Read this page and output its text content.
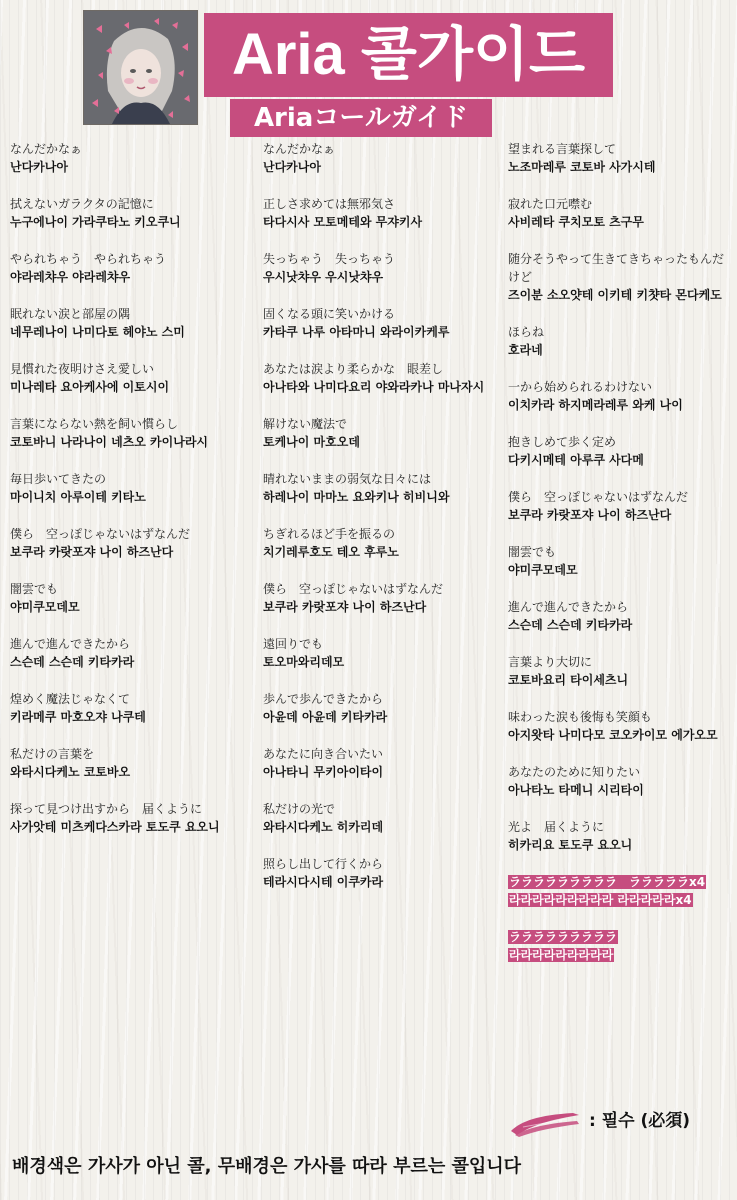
Aria 콜가이드
Ariaコールガイド
なんだかなぁ
난다카나아
拭えないガラクタの記憶に
누구에나이 가라쿠타노 키오쿠니
やられちゃう　やられちゃう
야라레챠우 야라레챠우
眠れない涙と部屋の隅
네무레나이 나미다토 헤야노 스미
見慣れた夜明けさえ愛しい
미나레타 요아케사에 이토시이
言葉にならない熱を飼い慣らし
코토바니 나라나이 네츠오 카이나라시
毎日歩いてきたの
마이니치 아루이테 키타노
僕ら　空っぽじゃないはずなんだ
보쿠라 카랏포쟈 나이 하즈난다
闇雲でも
야미쿠모데모
進んで進んできたから
스슨데 스슨데 키타카라
煌めく魔法じゃなくて
키라메쿠 마호오쟈 나쿠테
私だけの言葉を
와타시다케노 코토바오
探って見つけ出すから　届くように
사가앗테 미츠케다스카라 토도쿠 요오니
なんだかなぁ
난다카나아
正しさ求めては無邪気さ
타다시사 모토메테와 무쟈키사
失っちゃう　失っちゃう
우시낫챠우 우시낫챠우
固くなる頭に笑いかける
카타쿠 나루 아타마니 와라이카케루
あなたは涙より柔らかな　眼差し
아나타와 나미다요리 야와라카나 마나자시
解けない魔法で
토케나이 마호오데
晴れないままの弱気な日々には
하레나이 마마노 요와키나 히비니와
ちぎれるほど手を振るの
치기레루호도 테오 후루노
僕ら　空っぽじゃないはずなんだ
보쿠라 카랏포쟈 나이 하즈난다
遠回りでも
토오마와리데모
歩んで歩んできたから
아윤데 아윤데 키타카라
あなたに向き合いたい
아나타니 무키아이타이
私だけの光で
와타시다케노 히카리데
照らし出して行くから
테라시다시테 이쿠카라
望まれる言葉探して
노조마레루 코토바 사가시테
寂れた口元噤む
사비레타 쿠치모토 츠구무
随分そうやって生きてきちゃったもんだけど
즈이분 소오얏테 이키테 키챳타 몬다케도
ほらね
호라네
一から始められるわけない
이치카라 하지메라레루 와케 나이
抱きしめて歩く定め
다키시메테 아루쿠 사다메
僕ら　空っぽじゃないはずなんだ
보쿠라 카랏포쟈 나이 하즈난다
闇雲でも
야미쿠모데모
進んで進んできたから
스슨데 스슨데 키타카라
言葉より大切に
코토바요리 타이세츠니
味わった涙も後悔も笑顔も
아지왓타 나미다모 코오카이모 에가오모
あなたのために知りたい
아나타노 타메니 시리타이
光よ　届くように
히카리요 토도쿠 요오니
ラララララララララ　ラララララx4
라라라라라라라라라 라라라라라x4
ラララララララララ
라라라라라라라라라
: 필수 (必須)
배경색은 가사가 아닌 콜, 무배경은 가사를 따라 부르는 콜입니다
